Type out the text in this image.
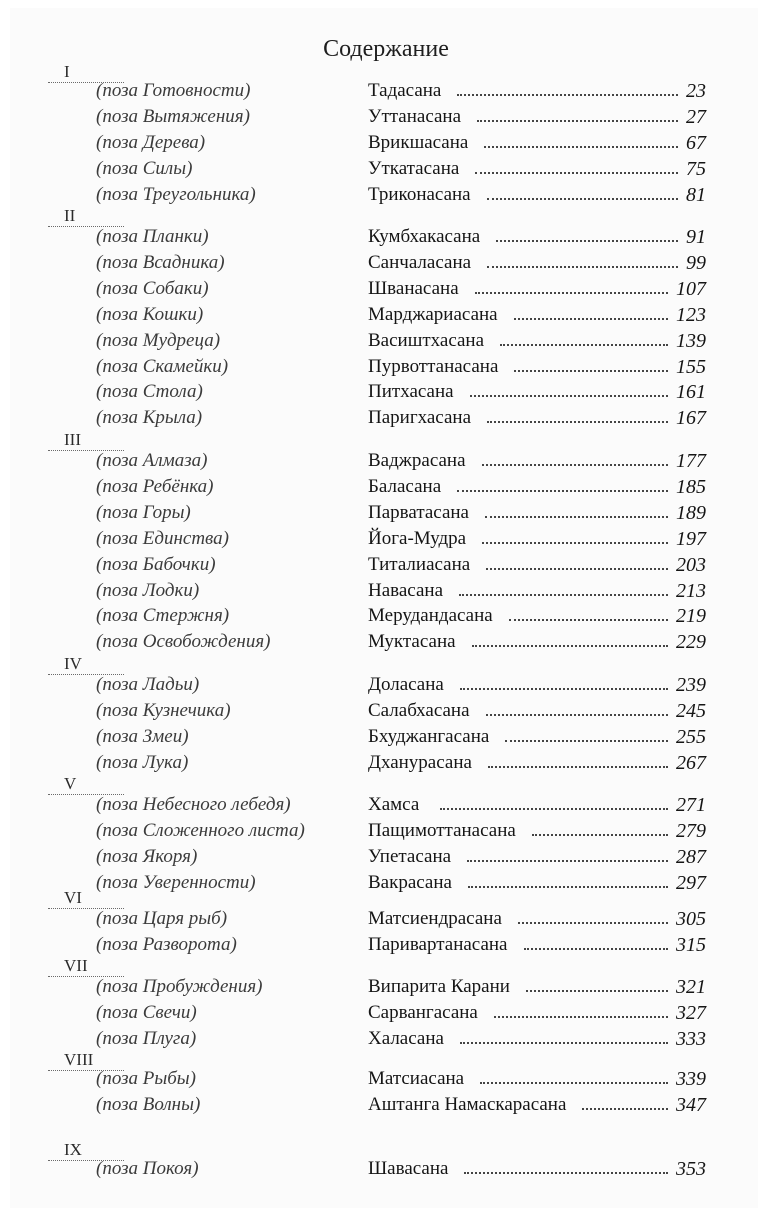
Содержание
I
(поза Готовности)	Тадасана	23
(поза Вытяжения)	Уттанасана	27
(поза Дерева)	Врикшасана	67
(поза Силы)	Уткатасана	75
(поза Треугольника)	Триконасана	81
II
(поза Планки)	Кумбхакасана	91
(поза Всадника)	Санчаласана	99
(поза Собаки)	Шванасана	107
(поза Кошки)	Марджариасана	123
(поза Мудреца)	Васиштхасана	139
(поза Скамейки)	Пурвоттанасана	155
(поза Стола)	Питхасана	161
(поза Крыла)	Паригхасана	167
III
(поза Алмаза)	Ваджрасана	177
(поза Ребёнка)	Баласана	185
(поза Горы)	Парватасана	189
(поза Единства)	Йога-Мудра	197
(поза Бабочки)	Титалиасана	203
(поза Лодки)	Навасана	213
(поза Стержня)	Мерудандасана	219
(поза Освобождения)	Муктасана	229
IV
(поза Ладьи)	Доласана	239
(поза Кузнечика)	Салабхасана	245
(поза Змеи)	Бхуджангасана	255
(поза Лука)	Дханурасана	267
V
(поза Небесного лебедя)	Хамса	271
(поза Сложенного листа)	Пащимоттанасана	279
(поза Якоря)	Упетасана	287
(поза Уверенности)	Вакрасана	297
VI
(поза Царя рыб)	Матсиендрасана	305
(поза Разворота)	Паривартанасана	315
VII
(поза Пробуждения)	Випарита Карани	321
(поза Свечи)	Сарвангасана	327
(поза Плуга)	Халасана	333
VIII
(поза Рыбы)	Матсиасана	339
(поза Волны)	Аштанга Намаскарасана	347
IX
(поза Покоя)	Шавасана	353
